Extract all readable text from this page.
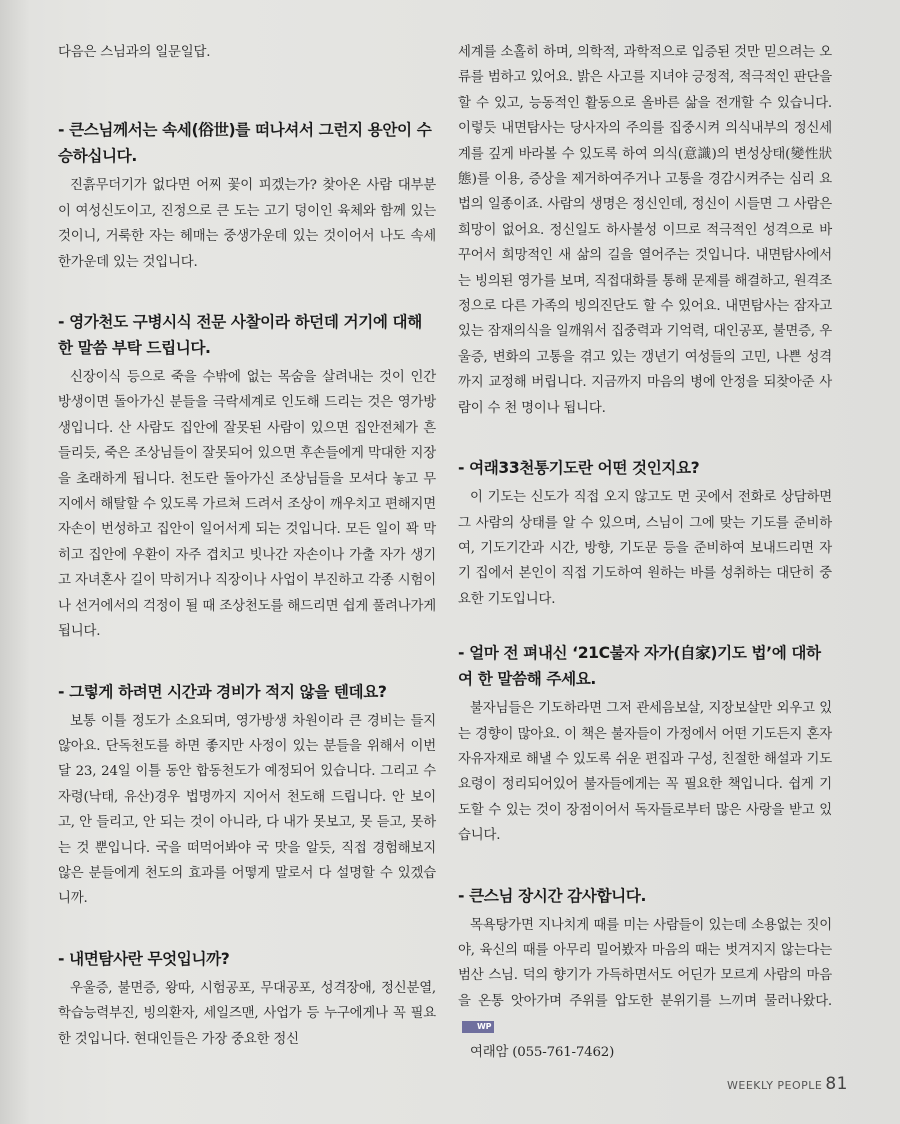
다음은 스님과의 일문일답.

- 큰스님께서는 속세(俗世)를 떠나셔서 그런지 용안이 수승하십니다.

진흙무더기가 없다면 어찌 꽃이 피겠는가? 찾아온 사람 대부분이 여성신도이고, 진정으로 큰 도는 고기 덩이인 육체와 함께 있는 것이니, 거룩한 자는 헤매는 중생가운데 있는 것이어서 나도 속세 한가운데 있는 것입니다.

- 영가천도 구병시식 전문 사찰이라 하던데 거기에 대해 한 말씀 부탁 드립니다.

신장이식 등으로 죽을 수밖에 없는 목숨을 살려내는 것이 인간 방생이면 돌아가신 분들을 극락세계로 인도해 드리는 것은 영가방생입니다. 산 사람도 집안에 잘못된 사람이 있으면 집안전체가 흔들리듯, 죽은 조상님들이 잘못되어 있으면 후손들에게 막대한 지장을 초래하게 됩니다. 천도란 돌아가신 조상님들을 모셔다 놓고 무지에서 해탈할 수 있도록 가르쳐 드려서 조상이 깨우치고 편해지면 자손이 번성하고 집안이 일어서게 되는 것입니다. 모든 일이 꽉 막히고 집안에 우환이 자주 겹치고 빗나간 자손이나 가출 자가 생기고 자녀혼사 길이 막히거나 직장이나 사업이 부진하고 각종 시험이나 선거에서의 걱정이 될 때 조상천도를 해드리면 쉽게 풀려나가게 됩니다.

- 그렇게 하려면 시간과 경비가 적지 않을 텐데요?

보통 이틀 정도가 소요되며, 영가방생 차원이라 큰 경비는 들지 않아요. 단독천도를 하면 좋지만 사정이 있는 분들을 위해서 이번 달 23, 24일 이틀 동안 합동천도가 예정되어 있습니다. 그리고 수자령(낙태, 유산)경우 법명까지 지어서 천도해 드립니다. 안 보이고, 안 들리고, 안 되는 것이 아니라, 다 내가 못보고, 못 듣고, 못하는 것 뿐입니다. 국을 떠먹어봐야 국 맛을 알듯, 직접 경험해보지 않은 분들에게 천도의 효과를 어떻게 말로서 다 설명할 수 있겠습니까.

- 내면탐사란 무엇입니까?

우울증, 불면증, 왕따, 시험공포, 무대공포, 성격장애, 정신분열, 학습능력부진, 빙의환자, 세일즈맨, 사업가 등 누구에게나 꼭 필요한 것입니다. 현대인들은 가장 중요한 정신

세계를 소홀히 하며, 의학적, 과학적으로 입증된 것만 믿으려는 오류를 범하고 있어요. 밝은 사고를 지녀야 긍정적, 적극적인 판단을 할 수 있고, 능동적인 활동으로 올바른 삶을 전개할 수 있습니다. 이렇듯 내면탐사는 당사자의 주의를 집중시켜 의식내부의 정신세계를 깊게 바라볼 수 있도록 하여 의식(意識)의 변성상태(變性狀態)를 이용, 증상을 제거하여주거나 고통을 경감시켜주는 심리 요법의 일종이죠. 사람의 생명은 정신인데, 정신이 시들면 그 사람은 희망이 없어요. 정신일도 하사불성 이므로 적극적인 성격으로 바꾸어서 희망적인 새 삶의 길을 열어주는 것입니다. 내면탐사에서는 빙의된 영가를 보며, 직접대화를 통해 문제를 해결하고, 원격조정으로 다른 가족의 빙의진단도 할 수 있어요. 내면탐사는 잠자고 있는 잠재의식을 일깨워서 집중력과 기억력, 대인공포, 불면증, 우울증, 변화의 고통을 겪고 있는 갱년기 여성들의 고민, 나쁜 성격까지 교정해 버립니다. 지금까지 마음의 병에 안정을 되찾아준 사람이 수 천 명이나 됩니다.

- 여래33천통기도란 어떤 것인지요?

이 기도는 신도가 직접 오지 않고도 먼 곳에서 전화로 상담하면 그 사람의 상태를 알 수 있으며, 스님이 그에 맞는 기도를 준비하여, 기도기간과 시간, 방향, 기도문 등을 준비하여 보내드리면 자기 집에서 본인이 직접 기도하여 원하는 바를 성취하는 대단히 중요한 기도입니다.

- 얼마 전 펴내신 ‘21C불자 자가(自家)기도 법’에 대하여 한 말씀해 주세요.

불자님들은 기도하라면 그저 관세음보살, 지장보살만 외우고 있는 경향이 많아요. 이 책은 불자들이 가정에서 어떤 기도든지 혼자 자유자재로 해낼 수 있도록 쉬운 편집과 구성, 친절한 해설과 기도요령이 정리되어있어 불자들에게는 꼭 필요한 책입니다. 쉽게 기도할 수 있는 것이 장점이어서 독자들로부터 많은 사랑을 받고 있습니다.

- 큰스님 장시간 감사합니다.

목욕탕가면 지나치게 때를 미는 사람들이 있는데 소용없는 짓이야, 육신의 때를 아무리 밀어봤자 마음의 때는 벗겨지지 않는다는 범산 스님. 덕의 향기가 가득하면서도 어딘가 모르게 사람의 마음을 온통 앗아가며 주위를 압도한 분위기를 느끼며 물러나왔다.WP

여래암 (055-761-7462)

WEEKLY PEOPLE 81
